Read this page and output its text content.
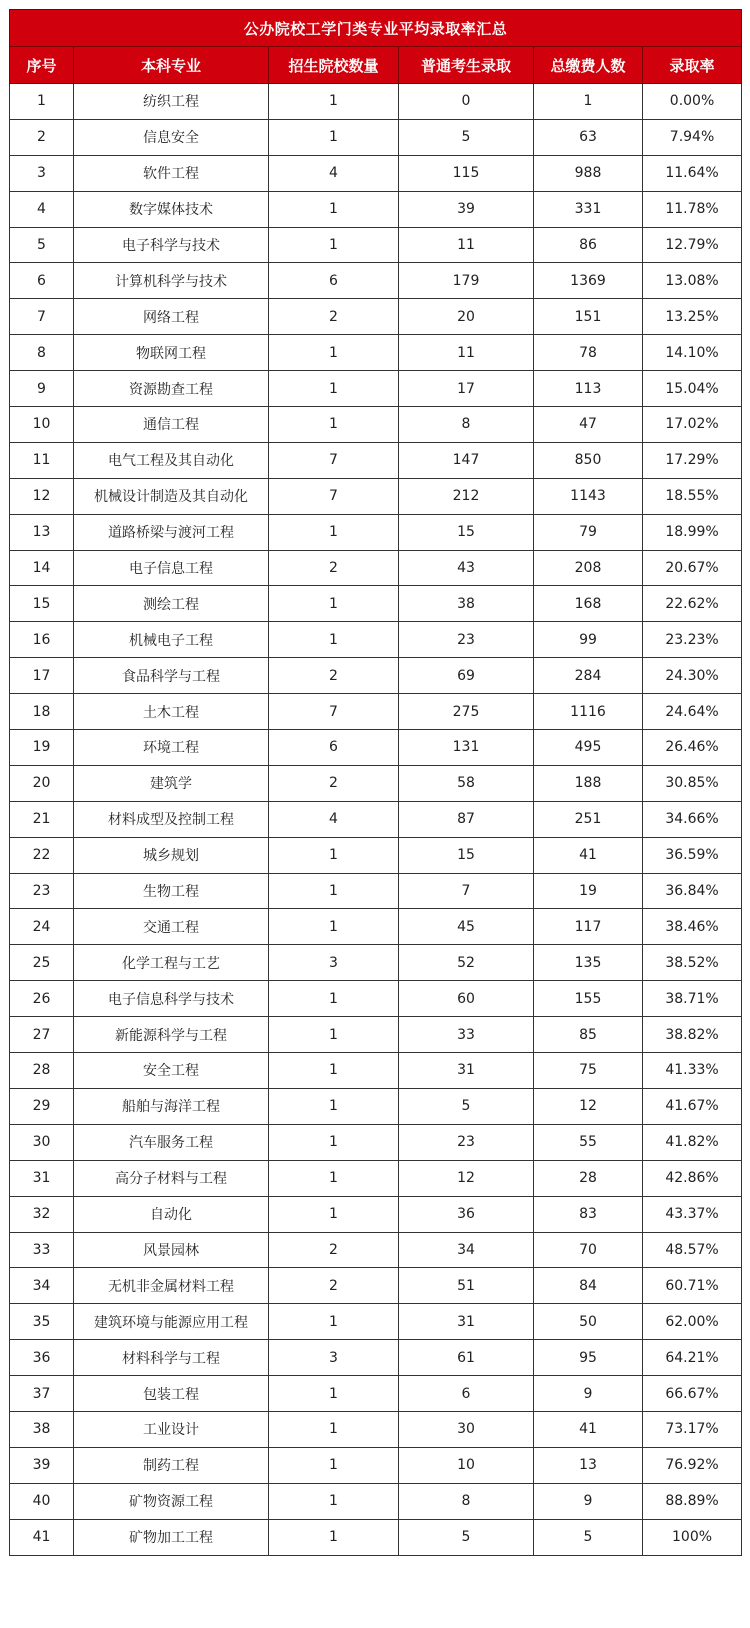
公办院校工学门类专业平均录取率汇总					
序号	本科专业	招生院校数量	普通考生录取	总缴费人数	录取率
1	纺织工程	1	0	1	0.00%
2	信息安全	1	5	63	7.94%
3	软件工程	4	115	988	11.64%
4	数字媒体技术	1	39	331	11.78%
5	电子科学与技术	1	11	86	12.79%
6	计算机科学与技术	6	179	1369	13.08%
7	网络工程	2	20	151	13.25%
8	物联网工程	1	11	78	14.10%
9	资源勘查工程	1	17	113	15.04%
10	通信工程	1	8	47	17.02%
11	电气工程及其自动化	7	147	850	17.29%
12	机械设计制造及其自动化	7	212	1143	18.55%
13	道路桥梁与渡河工程	1	15	79	18.99%
14	电子信息工程	2	43	208	20.67%
15	测绘工程	1	38	168	22.62%
16	机械电子工程	1	23	99	23.23%
17	食品科学与工程	2	69	284	24.30%
18	土木工程	7	275	1116	24.64%
19	环境工程	6	131	495	26.46%
20	建筑学	2	58	188	30.85%
21	材料成型及控制工程	4	87	251	34.66%
22	城乡规划	1	15	41	36.59%
23	生物工程	1	7	19	36.84%
24	交通工程	1	45	117	38.46%
25	化学工程与工艺	3	52	135	38.52%
26	电子信息科学与技术	1	60	155	38.71%
27	新能源科学与工程	1	33	85	38.82%
28	安全工程	1	31	75	41.33%
29	船舶与海洋工程	1	5	12	41.67%
30	汽车服务工程	1	23	55	41.82%
31	高分子材料与工程	1	12	28	42.86%
32	自动化	1	36	83	43.37%
33	风景园林	2	34	70	48.57%
34	无机非金属材料工程	2	51	84	60.71%
35	建筑环境与能源应用工程	1	31	50	62.00%
36	材料科学与工程	3	61	95	64.21%
37	包装工程	1	6	9	66.67%
38	工业设计	1	30	41	73.17%
39	制药工程	1	10	13	76.92%
40	矿物资源工程	1	8	9	88.89%
41	矿物加工工程	1	5	5	100%
